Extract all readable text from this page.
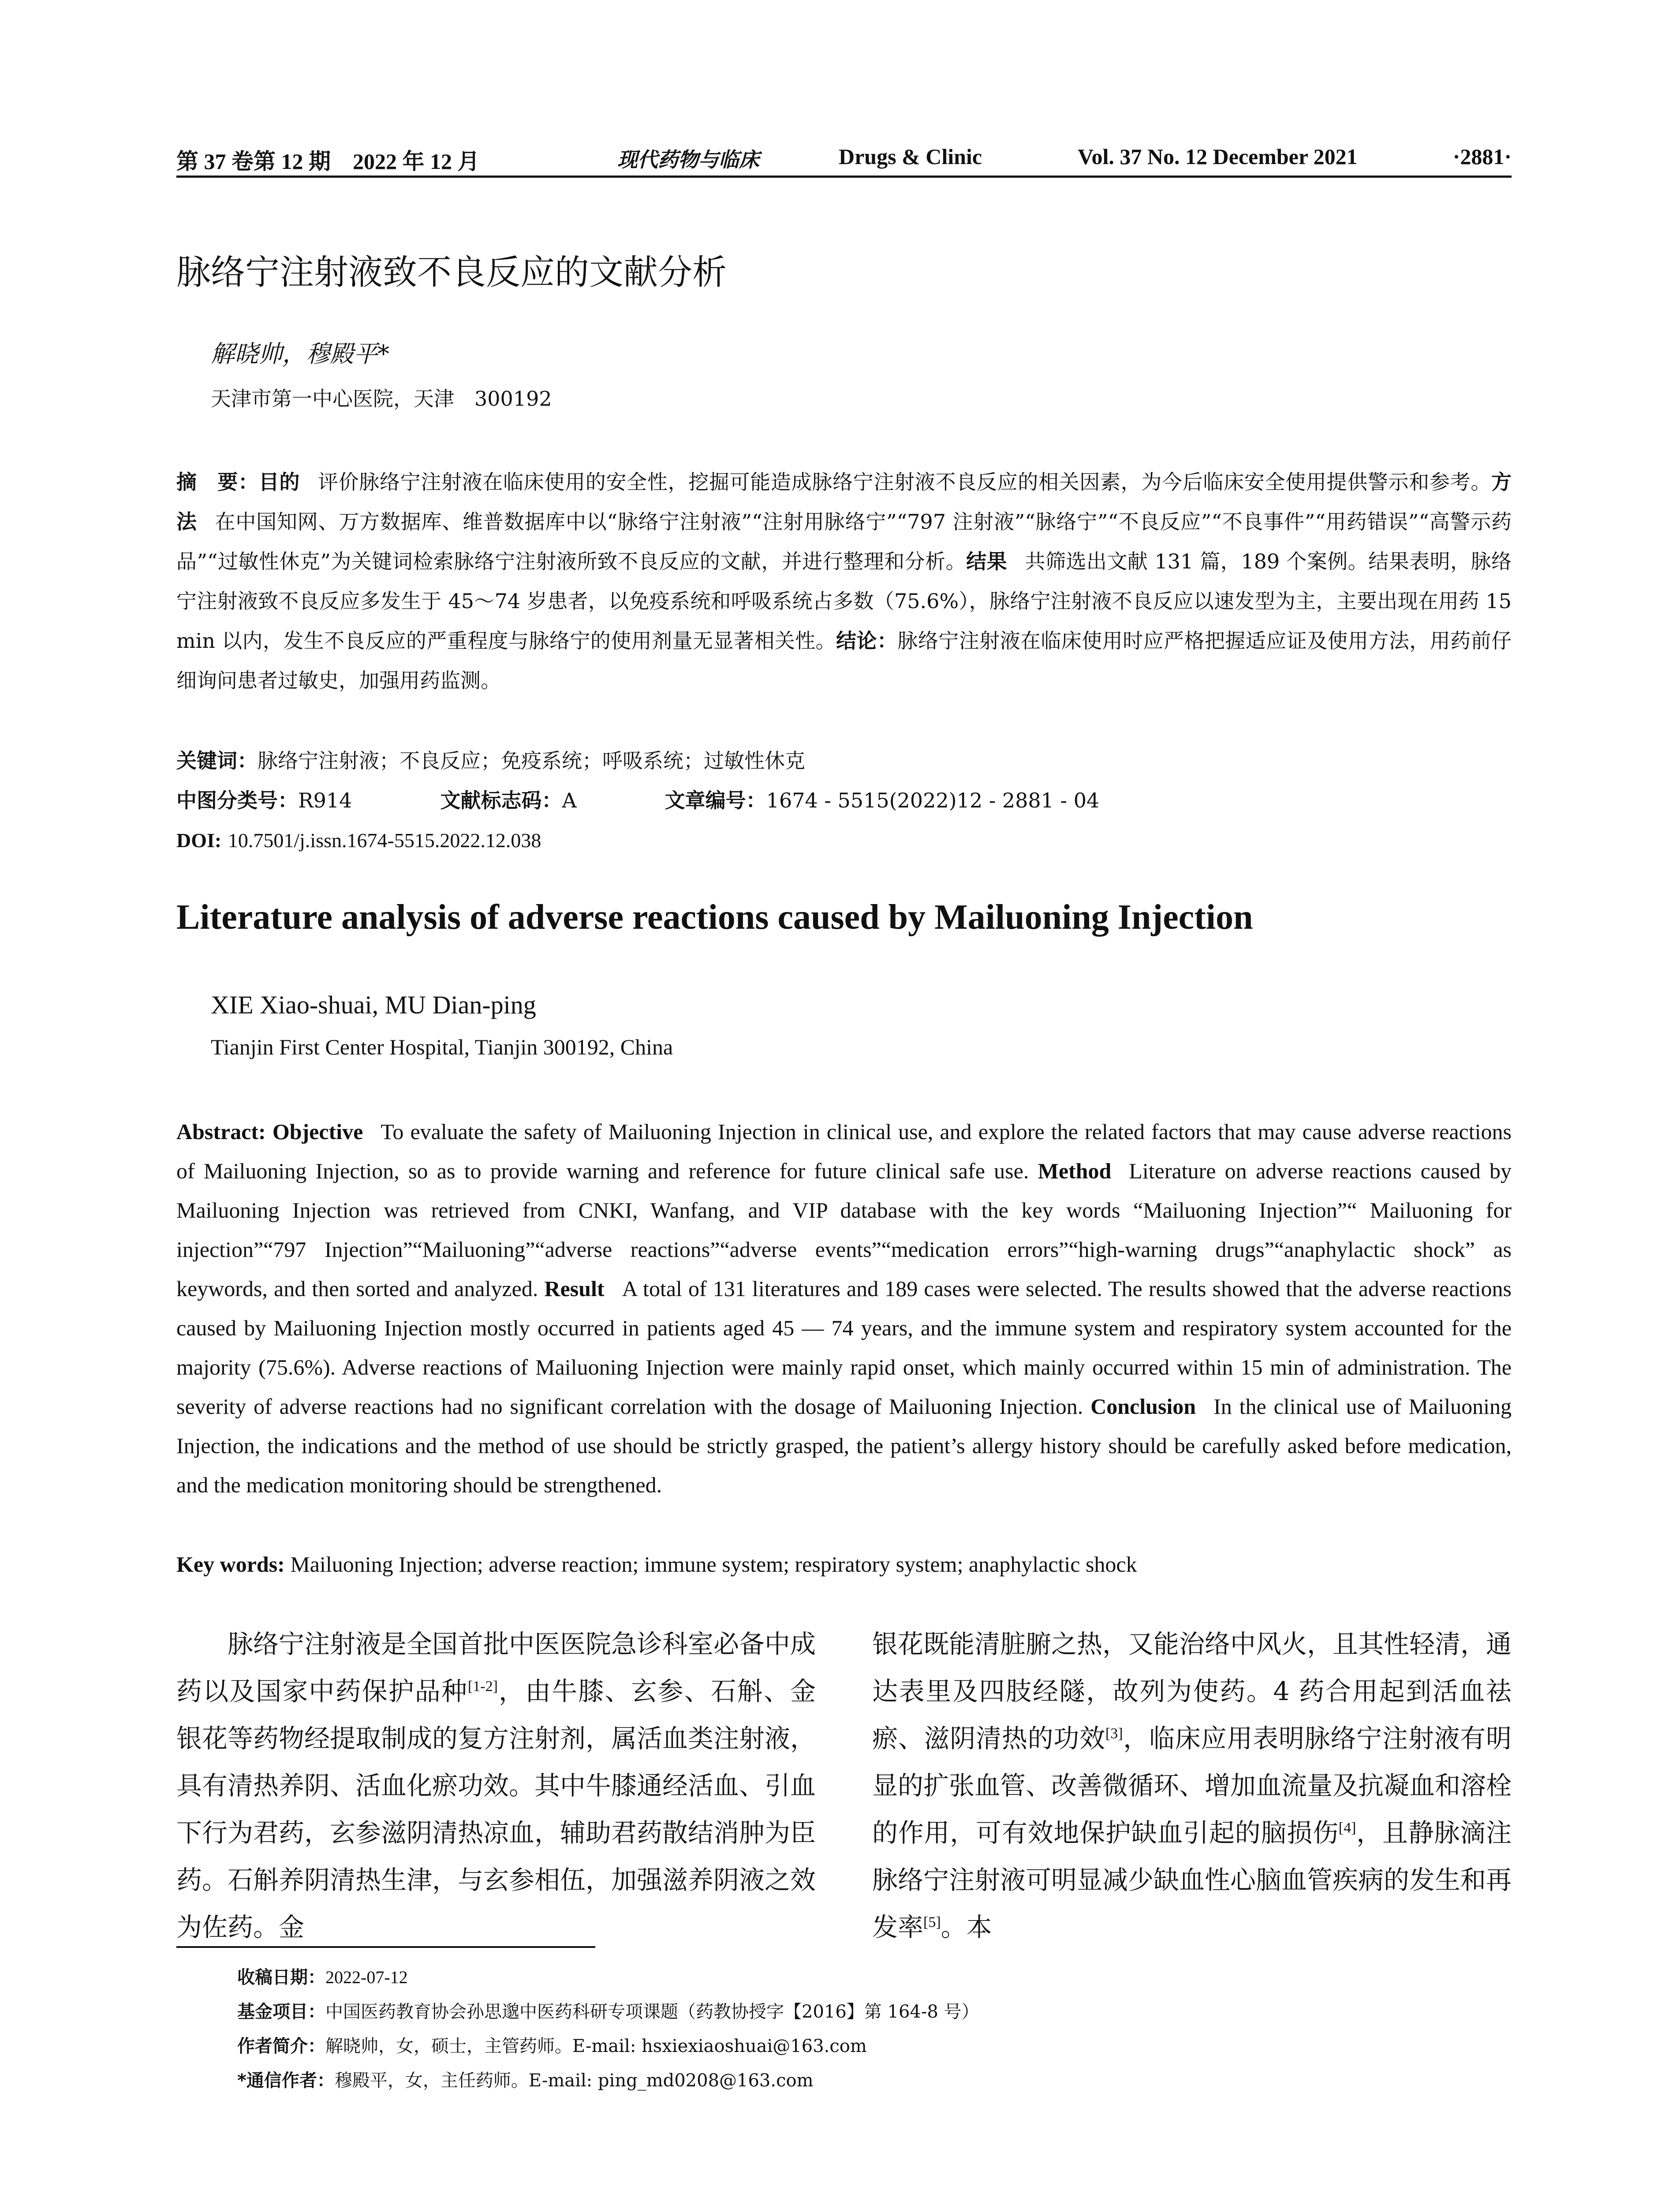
第 37 卷第 12 期　2022 年 12 月	现代药物与临床	Drugs & Clinic	Vol. 37 No. 12 December 2021	·2881·
脉络宁注射液致不良反应的文献分析
解晓帅，穆殿平*
天津市第一中心医院，天津　300192
摘　要：目的 评价脉络宁注射液在临床使用的安全性，挖掘可能造成脉络宁注射液不良反应的相关因素，为今后临床安全使用提供警示和参考。方法 在中国知网、万方数据库、维普数据库中以“脉络宁注射液”“注射用脉络宁”“797 注射液”“脉络宁”“不良反应”“不良事件”“用药错误”“高警示药品”“过敏性休克”为关键词检索脉络宁注射液所致不良反应的文献，并进行整理和分析。结果 共筛选出文献 131 篇，189 个案例。结果表明，脉络宁注射液致不良反应多发生于 45～74 岁患者，以免疫系统和呼吸系统占多数（75.6%），脉络宁注射液不良反应以速发型为主，主要出现在用药 15 min 以内，发生不良反应的严重程度与脉络宁的使用剂量无显著相关性。结论：脉络宁注射液在临床使用时应严格把握适应证及使用方法，用药前仔细询问患者过敏史，加强用药监测。
关键词：脉络宁注射液；不良反应；免疫系统；呼吸系统；过敏性休克
中图分类号：R914	文献标志码：A	文章编号：1674 - 5515(2022)12 - 2881 - 04
DOI: 10.7501/j.issn.1674-5515.2022.12.038
Literature analysis of adverse reactions caused by Mailuoning Injection
XIE Xiao-shuai, MU Dian-ping
Tianjin First Center Hospital, Tianjin 300192, China
Abstract: Objective To evaluate the safety of Mailuoning Injection in clinical use, and explore the related factors that may cause adverse reactions of Mailuoning Injection, so as to provide warning and reference for future clinical safe use. Method Literature on adverse reactions caused by Mailuoning Injection was retrieved from CNKI, Wanfang, and VIP database with the key words “Mailuoning Injection”“ Mailuoning for injection”“797 Injection”“Mailuoning”“adverse reactions”“adverse events”“medication errors”“high-warning drugs”“anaphylactic shock” as keywords, and then sorted and analyzed. Result A total of 131 literatures and 189 cases were selected. The results showed that the adverse reactions caused by Mailuoning Injection mostly occurred in patients aged 45 — 74 years, and the immune system and respiratory system accounted for the majority (75.6%). Adverse reactions of Mailuoning Injection were mainly rapid onset, which mainly occurred within 15 min of administration. The severity of adverse reactions had no significant correlation with the dosage of Mailuoning Injection. Conclusion In the clinical use of Mailuoning Injection, the indications and the method of use should be strictly grasped, the patient’s allergy history should be carefully asked before medication, and the medication monitoring should be strengthened.
Key words: Mailuoning Injection; adverse reaction; immune system; respiratory system; anaphylactic shock
脉络宁注射液是全国首批中医医院急诊科室必备中成药以及国家中药保护品种[1-2]，由牛膝、玄参、石斛、金银花等药物经提取制成的复方注射剂，属活血类注射液，具有清热养阴、活血化瘀功效。其中牛膝通经活血、引血下行为君药，玄参滋阴清热凉血，辅助君药散结消肿为臣药。石斛养阴清热生津，与玄参相伍，加强滋养阴液之效为佐药。金
银花既能清脏腑之热，又能治络中风火，且其性轻清，通达表里及四肢经隧，故列为使药。4 药合用起到活血祛瘀、滋阴清热的功效[3]，临床应用表明脉络宁注射液有明显的扩张血管、改善微循环、增加血流量及抗凝血和溶栓的作用，可有效地保护缺血引起的脑损伤[4]，且静脉滴注脉络宁注射液可明显减少缺血性心脑血管疾病的发生和再发率[5]。本
收稿日期：2022-07-12
基金项目：中国医药教育协会孙思邈中医药科研专项课题（药教协授字【2016】第 164-8 号）
作者简介：解晓帅，女，硕士，主管药师。E-mail: hsxiexiaoshuai@163.com
*通信作者：穆殿平，女，主任药师。E-mail: ping_md0208@163.com
